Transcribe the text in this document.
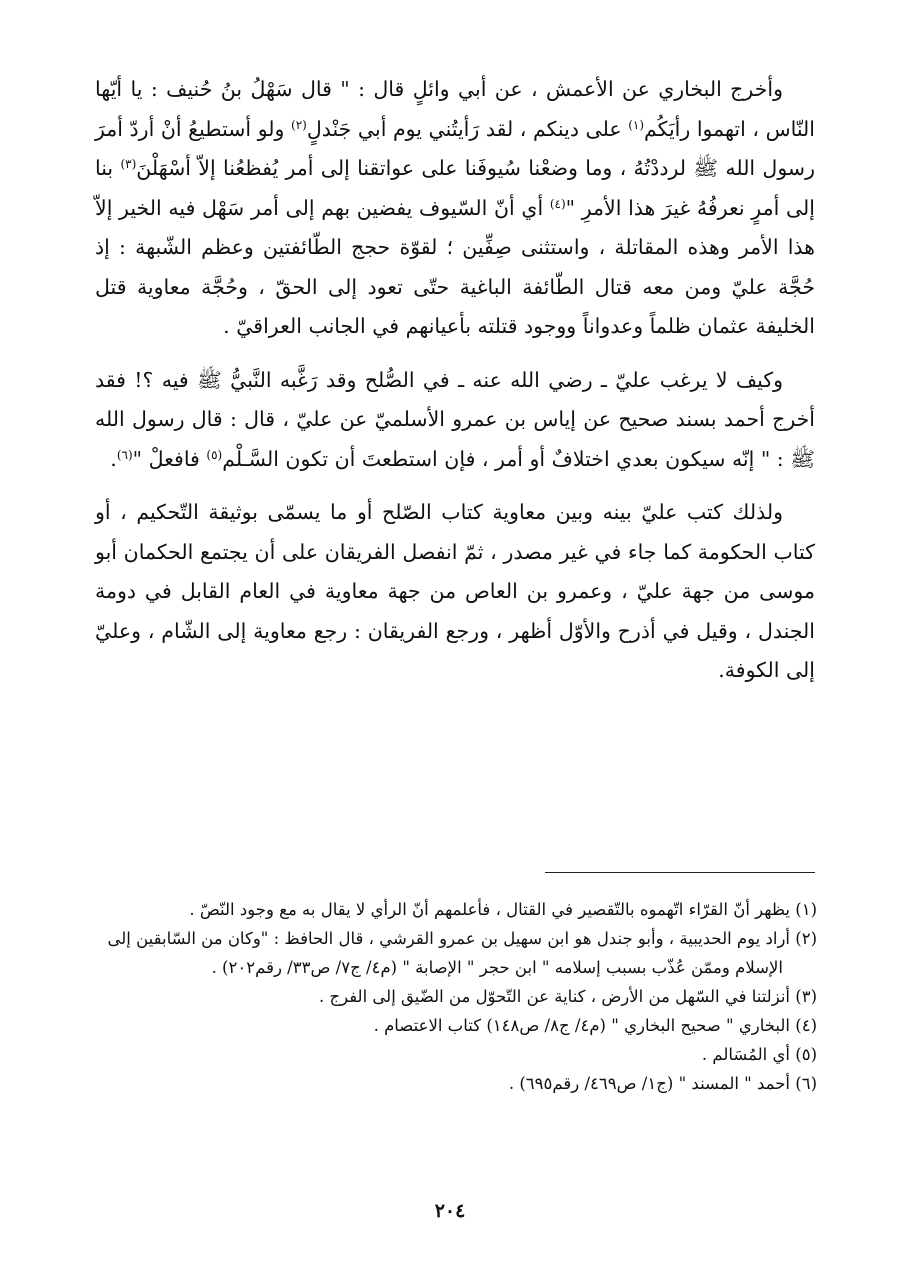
وأخرج البخاري عن الأعمش ، عن أبي وائلٍ قال : " قال سَهْلُ بنُ حُنيف : يا أيّها النّاس ، اتهموا رأيَكُم$^{(١)}$ على دينكم ، لقد رَأيتُني يوم أبي جَنْدلٍ$^{(٢)}$ ولو أستطيعُ أنْ أردّ أمرَ رسول الله ﷺ لرددْتُهُ ، وما وضعْنا سُيوفَنا على عواتقنا إلى أمر يُفظعُنا إلاّ أسْهَلْنَ$^{(٣)}$ بنا إلى أمرٍ نعرفُهُ غيرَ هذا الأمرِ "$^{(٤)}$ أي أنّ السّيوف يفضين بهم إلى أمر سَهْل فيه الخير إلاّ هذا الأمر وهذه المقاتلة ، واستثنى صِفِّين ؛ لقوّة حجج الطّائفتين وعظم الشّبهة : إذ حُجَّة عليّ ومن معه قتال الطّائفة الباغية حتّى تعود إلى الحقّ ، وحُجَّة معاوية قتل الخليفة عثمان ظلماً وعدواناً ووجود قتلته بأعيانهم في الجانب العراقيّ .

وكيف لا يرغب عليّ ـ رضي الله عنه ـ في الصُّلح وقد رَغَّبه النَّبيُّ ﷺ فيه ؟! فقد أخرج أحمد بسند صحيح عن إياس بن عمرو الأسلميّ عن عليّ ، قال : قال رسول الله ﷺ : " إنّه سيكون بعدي اختلافٌ أو أمر ، فإن استطعتَ أن تكون السَّـلْم$^{(٥)}$ فافعلْ "$^{(٦)}$.

ولذلك كتب عليّ بينه وبين معاوية كتاب الصّلح أو ما يسمّى بوثيقة التّحكيم ، أو كتاب الحكومة كما جاء في غير مصدر ، ثمّ انفصل الفريقان على أن يجتمع الحكمان أبو موسى من جهة عليّ ، وعمرو بن العاص من جهة معاوية في العام القابل في دومة الجندل ، وقيل في أذرح والأوّل أظهر ، ورجع الفريقان : رجع معاوية إلى الشّام ، وعليّ إلى الكوفة.

(١) يظهر أنّ القرّاء اتّهموه بالتّقصير في القتال ، فأعلمهم أنّ الرأي لا يقال به مع وجود النّصّ .

(٢) أراد يوم الحديبية ، وأبو جندل هو ابن سهيل بن عمرو القرشي ، قال الحافظ : "وكان من السّابقين إلى الإسلام وممّن عُذّب بسبب إسلامه " ابن حجر " الإصابة " (م٤/ ج٧/ ص٣٣/ رقم٢٠٢) .

(٣) أنزلتنا في السّهل من الأرض ، كناية عن التّحوّل من الضّيق إلى الفرج .

(٤) البخاري " صحيح البخاري " (م٤/ ج٨/ ص١٤٨) كتاب الاعتصام .

(٥) أي المُسَالم .

(٦) أحمد " المسند " (ج١/ ص٤٦٩/ رقم٦٩٥) .

٢٠٤
